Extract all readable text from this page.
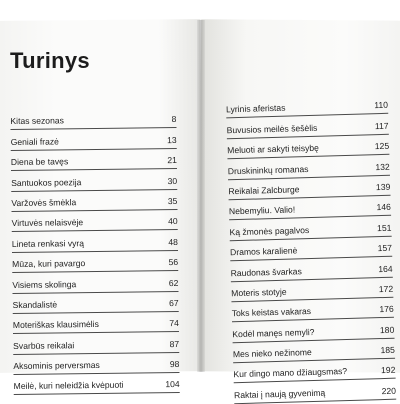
Turinys
Kitas sezonas	8
Geniali frazė	13
Diena be tavęs	21
Santuokos poezija	30
Varžovės šmėkla	35
Virtuvės nelaisvėje	40
Lineta renkasi vyrą	48
Mūza, kuri pavargo	56
Visiems skolinga	62
Skandalistė	67
Moteriškas klausimėlis	74
Svarbūs reikalai	87
Aksominis perversmas	98
Meilė, kuri neleidžia kvėpuoti	104
Lyrinis aferistas	110
Buvusios meilės šešėlis	117
Meluoti ar sakyti teisybę	125
Druskininkų romanas	132
Reikalai Zalcburge	139
Nebemyliu. Valio!	146
Ką žmonės pagalvos	151
Dramos karalienė	157
Raudonas švarkas	164
Moteris stotyje	172
Toks keistas vakaras	176
Kodėl manęs nemyli?	180
Mes nieko nežinome	185
Kur dingo mano džiaugsmas?	192
Raktai į naują gyvenimą	220
